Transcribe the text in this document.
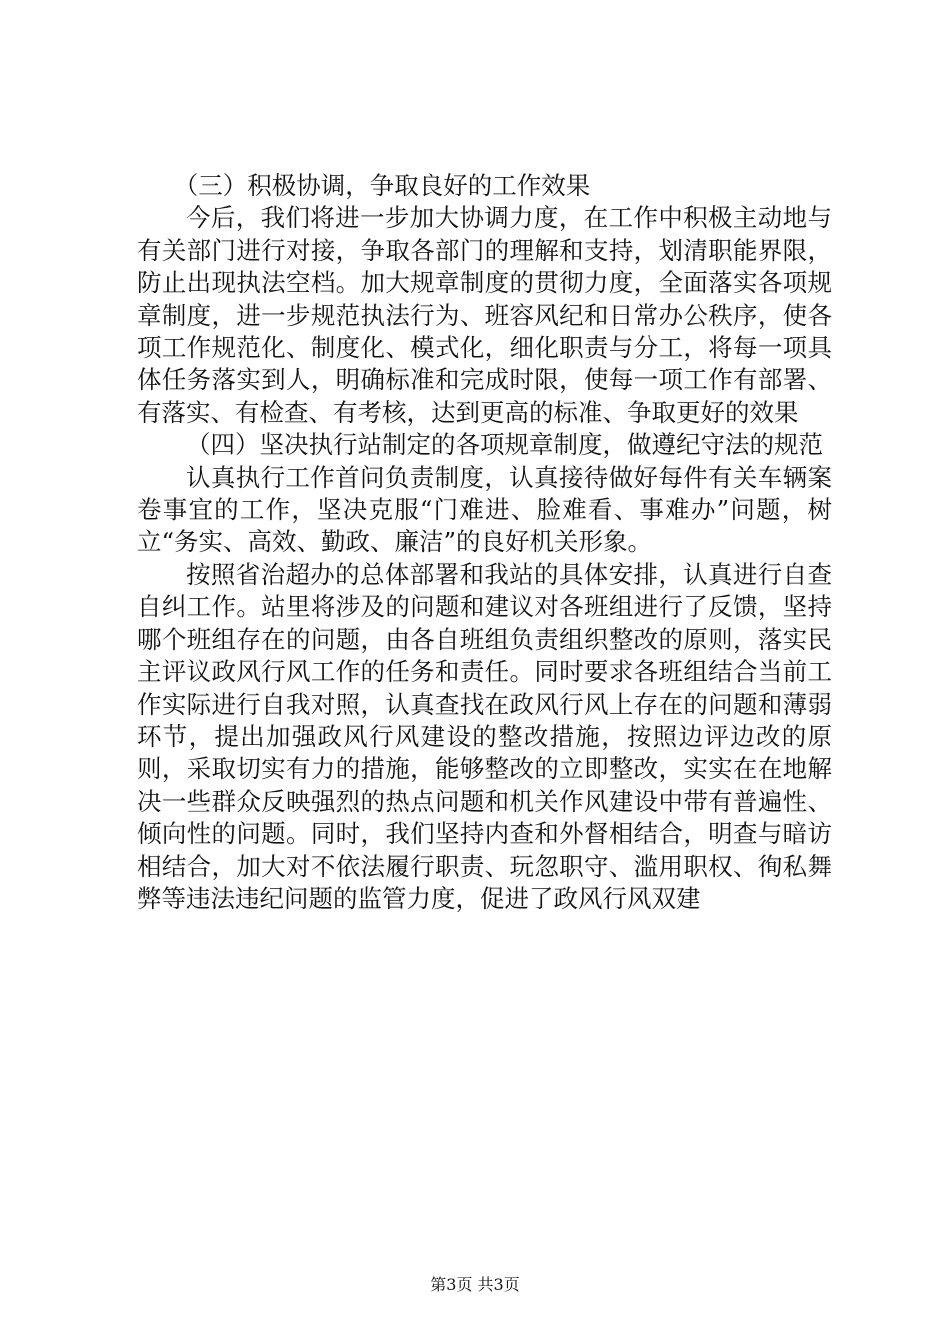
（三）积极协调，争取良好的工作效果

今后，我们将进一步加大协调力度，在工作中积极主动地与有关部门进行对接，争取各部门的理解和支持，划清职能界限，防止出现执法空档。加大规章制度的贯彻力度，全面落实各项规章制度，进一步规范执法行为、班容风纪和日常办公秩序，使各项工作规范化、制度化、模式化，细化职责与分工，将每一项具体任务落实到人，明确标准和完成时限，使每一项工作有部署、有落实、有检查、有考核，达到更高的标准、争取更好的效果

（四）坚决执行站制定的各项规章制度，做遵纪守法的规范

认真执行工作首问负责制度，认真接待做好每件有关车辆案卷事宜的工作，坚决克服“门难进、脸难看、事难办”问题，树立“务实、高效、勤政、廉洁”的良好机关形象。

按照省治超办的总体部署和我站的具体安排，认真进行自查自纠工作。站里将涉及的问题和建议对各班组进行了反馈，坚持哪个班组存在的问题，由各自班组负责组织整改的原则，落实民主评议政风行风工作的任务和责任。同时要求各班组结合当前工作实际进行自我对照，认真查找在政风行风上存在的问题和薄弱环节，提出加强政风行风建设的整改措施，按照边评边改的原则，采取切实有力的措施，能够整改的立即整改，实实在在地解决一些群众反映强烈的热点问题和机关作风建设中带有普遍性、倾向性的问题。同时，我们坚持内查和外督相结合，明查与暗访相结合，加大对不依法履行职责、玩忽职守、滥用职权、徇私舞弊等违法违纪问题的监管力度，促进了政风行风双建

第3页 共3页
